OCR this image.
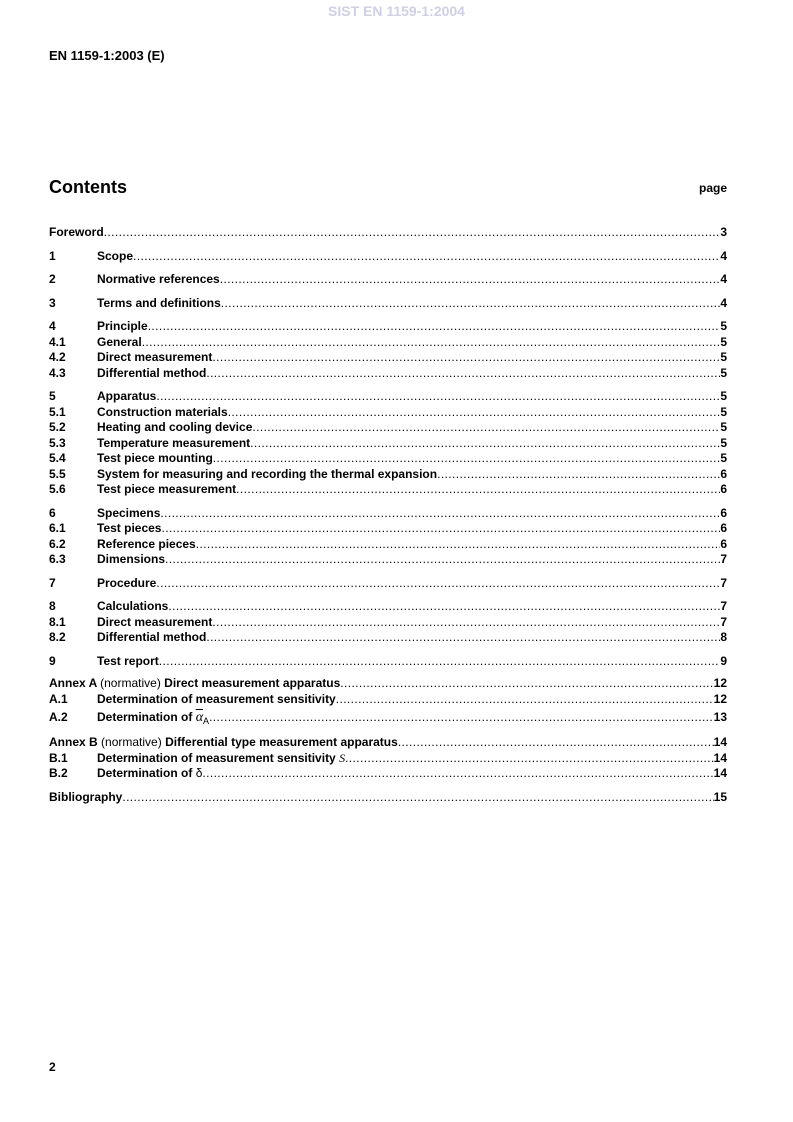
SIST EN 1159-1:2004
EN 1159-1:2003 (E)
Contents	page
Foreword .....	3
1	Scope .....	4
2	Normative references .....	4
3	Terms and definitions .....	4
4	Principle .....	5
4.1	General .....	5
4.2	Direct measurement .....	5
4.3	Differential method .....	5
5	Apparatus .....	5
5.1	Construction materials .....	5
5.2	Heating and cooling device .....	5
5.3	Temperature measurement .....	5
5.4	Test piece mounting .....	5
5.5	System for measuring and recording the thermal expansion .....	6
5.6	Test piece measurement .....	6
6	Specimens .....	6
6.1	Test pieces .....	6
6.2	Reference pieces .....	6
6.3	Dimensions .....	7
7	Procedure .....	7
8	Calculations .....	7
8.1	Direct measurement .....	7
8.2	Differential method .....	8
9	Test report .....	9
Annex A (normative) Direct measurement apparatus .....	12
A.1	Determination of measurement sensitivity .....	12
A.2	Determination of $\overline{\alpha}_A$ .....	13
Annex B (normative) Differential type measurement apparatus .....	14
B.1	Determination of measurement sensitivity S .....	14
B.2	Determination of δ .....	14
Bibliography .....	15
2
